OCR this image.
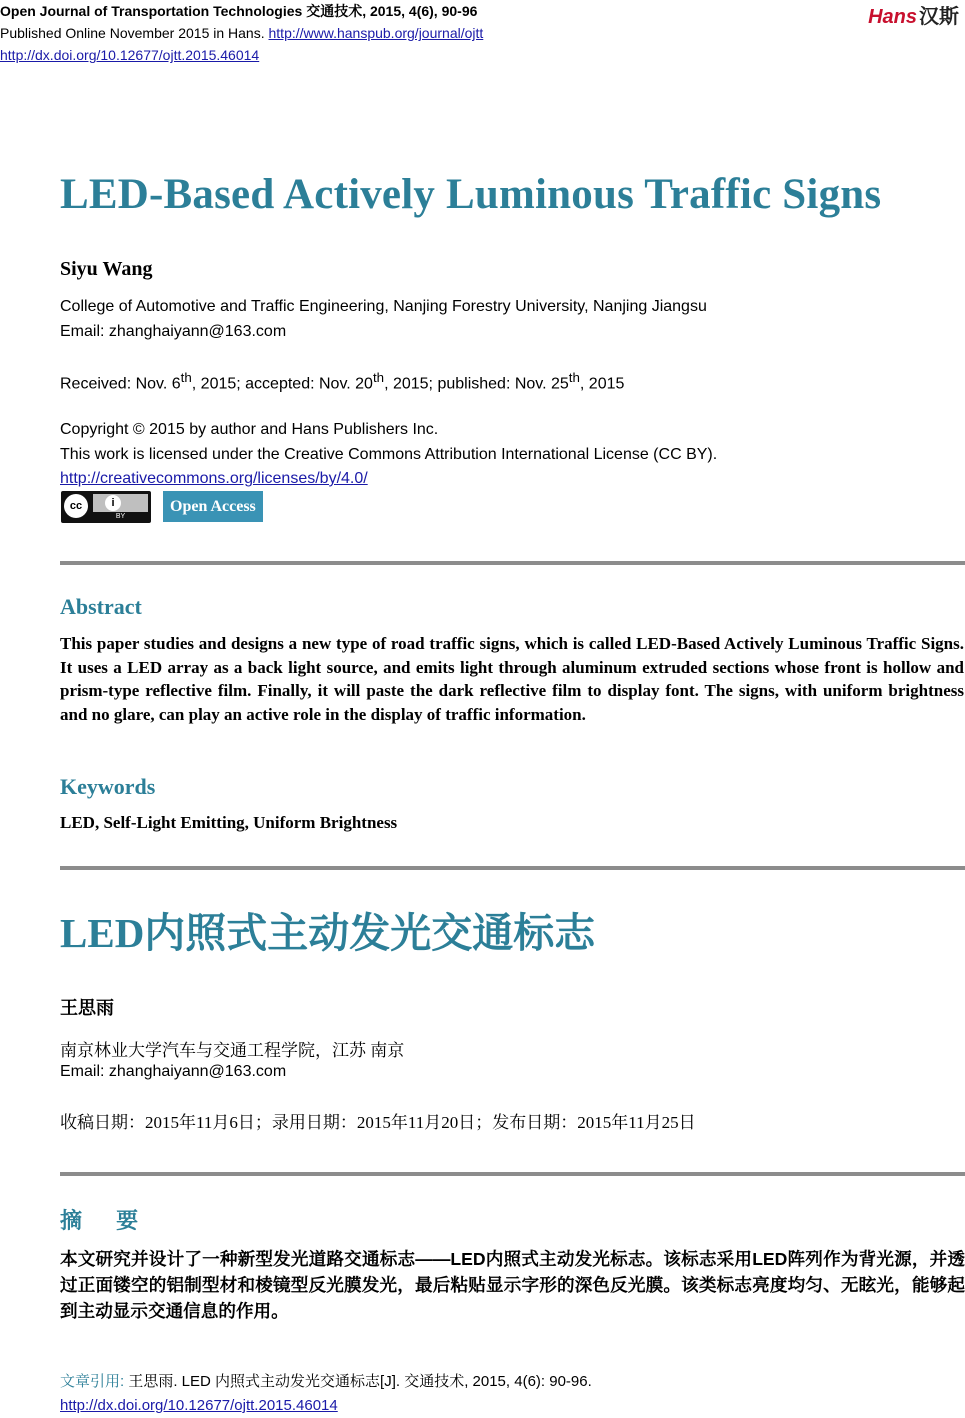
Open Journal of Transportation Technologies 交通技术, 2015, 4(6), 90-96
Published Online November 2015 in Hans. http://www.hanspub.org/journal/ojtt
http://dx.doi.org/10.12677/ojtt.2015.46014
Hans 汉斯
LED-Based Actively Luminous Traffic Signs
Siyu Wang
College of Automotive and Traffic Engineering, Nanjing Forestry University, Nanjing Jiangsu
Email: zhanghaiyann@163.com
Received: Nov. 6th, 2015; accepted: Nov. 20th, 2015; published: Nov. 25th, 2015
Copyright © 2015 by author and Hans Publishers Inc.
This work is licensed under the Creative Commons Attribution International License (CC BY).
http://creativecommons.org/licenses/by/4.0/
cc	i
BY
Open Access
Abstract
This paper studies and designs a new type of road traffic signs, which is called LED-Based Actively Luminous Traffic Signs. It uses a LED array as a back light source, and emits light through aluminum extruded sections whose front is hollow and prism-type reflective film. Finally, it will paste the dark reflective film to display font. The signs, with uniform brightness and no glare, can play an active role in the display of traffic information.
Keywords
LED, Self-Light Emitting, Uniform Brightness
LED内照式主动发光交通标志
王思雨
南京林业大学汽车与交通工程学院，江苏 南京
Email: zhanghaiyann@163.com
收稿日期：2015年11月6日；录用日期：2015年11月20日；发布日期：2015年11月25日
摘 要
本文研究并设计了一种新型发光道路交通标志——LED内照式主动发光标志。该标志采用LED阵列作为背光源，并透过正面镂空的铝制型材和棱镜型反光膜发光，最后粘贴显示字形的深色反光膜。该类标志亮度均匀、无眩光，能够起到主动显示交通信息的作用。
文章引用: 王思雨. LED 内照式主动发光交通标志[J]. 交通技术, 2015, 4(6): 90-96.
http://dx.doi.org/10.12677/ojtt.2015.46014
